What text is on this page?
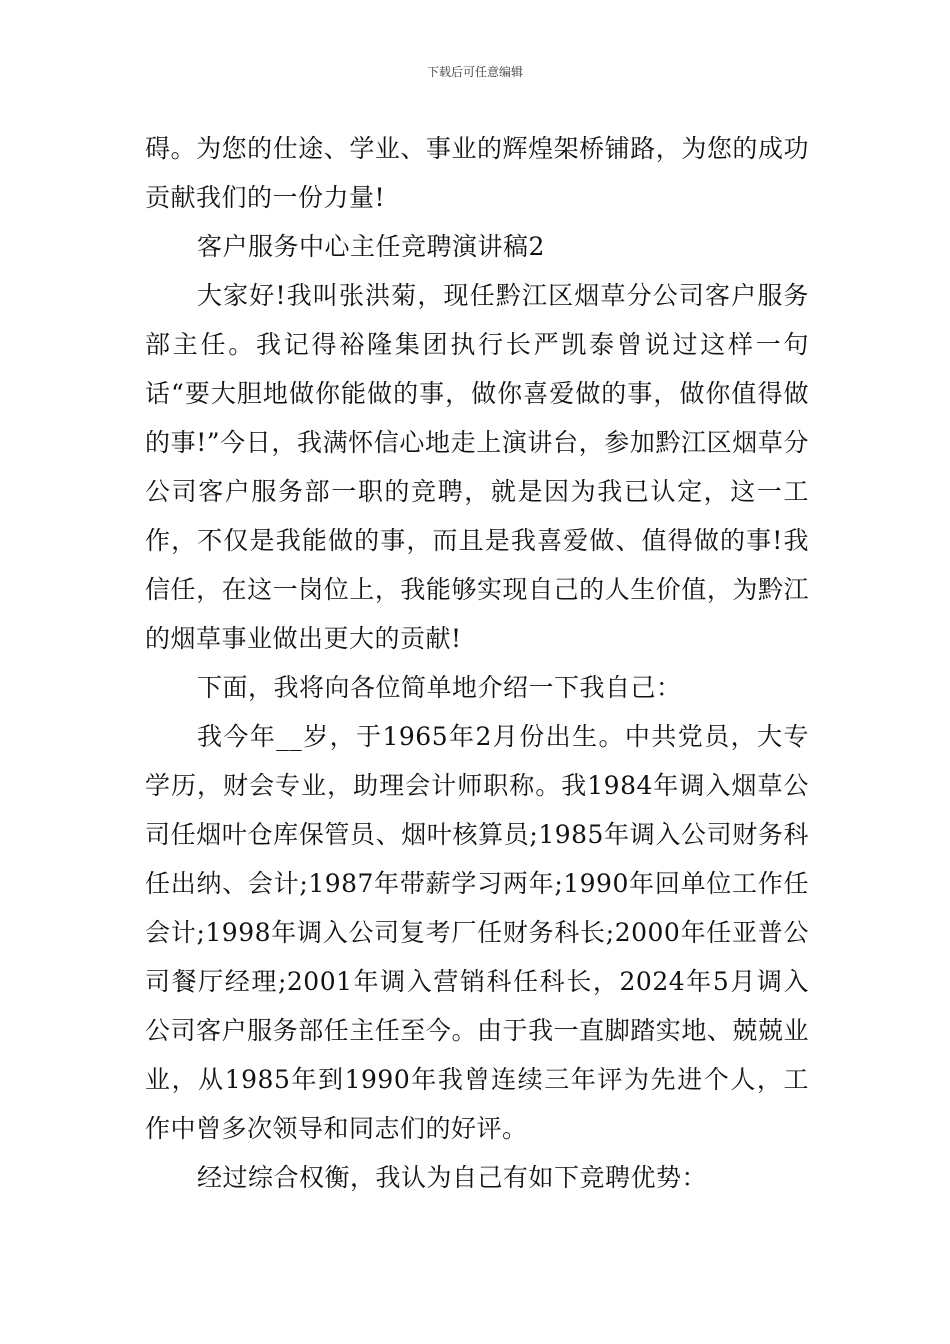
下载后可任意编辑

碍。为您的仕途、学业、事业的辉煌架桥铺路，为您的成功贡献我们的一份力量!

客户服务中心主任竞聘演讲稿2

大家好!我叫张洪菊，现任黔江区烟草分公司客户服务部主任。我记得裕隆集团执行长严凯泰曾说过这样一句话“要大胆地做你能做的事，做你喜爱做的事，做你值得做的事!”今日，我满怀信心地走上演讲台，参加黔江区烟草分公司客户服务部一职的竞聘，就是因为我已认定，这一工作，不仅是我能做的事，而且是我喜爱做、值得做的事!我信任，在这一岗位上，我能够实现自己的人生价值，为黔江的烟草事业做出更大的贡献!

下面，我将向各位简单地介绍一下我自己：

我今年__岁，于1965年2月份出生。中共党员，大专学历，财会专业，助理会计师职称。我1984年调入烟草公司任烟叶仓库保管员、烟叶核算员;1985年调入公司财务科任出纳、会计;1987年带薪学习两年;1990年回单位工作任会计;1998年调入公司复考厂任财务科长;2000年任亚普公司餐厅经理;2001年调入营销科任科长，2024年5月调入公司客户服务部任主任至今。由于我一直脚踏实地、兢兢业业，从1985年到1990年我曾连续三年评为先进个人，工作中曾多次领导和同志们的好评。

经过综合权衡，我认为自己有如下竞聘优势：
